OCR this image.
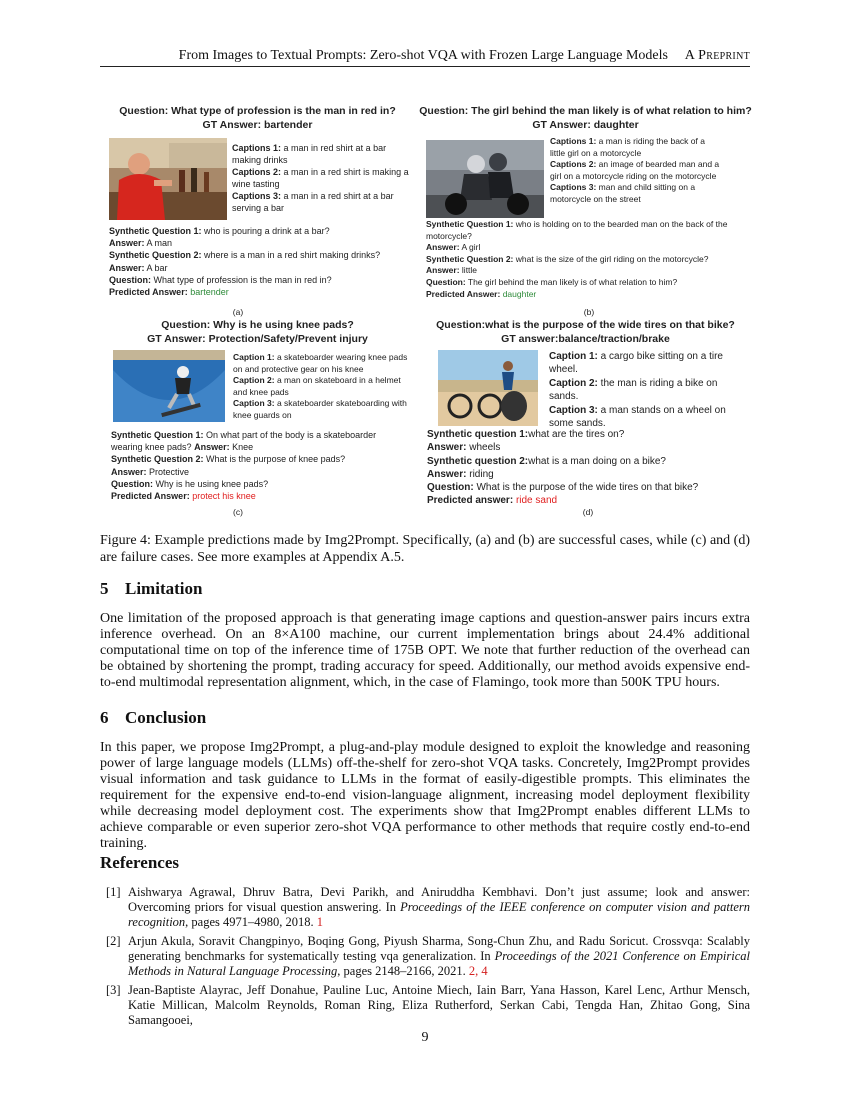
From Images to Textual Prompts: Zero-shot VQA with Frozen Large Language Models A Preprint
Question: What type of profession is the man in red in?
GT Answer: bartender
Captions 1: a man in red shirt at a bar making drinks
Captions 2: a man in a red shirt is making a wine tasting
Captions 3: a man in a red shirt at a bar serving a bar
Synthetic Question 1: who is pouring a drink at a bar?
Answer: A man
Synthetic Question 2: where is a man in a red shirt making drinks? Answer: A bar
Question: What type of profession is the man in red in?
Predicted Answer: bartender
(a)
Question: The girl behind the man likely is of what relation to him?
GT Answer: daughter
Captions 1: a man is riding the back of a little girl on a motorcycle
Captions 2: an image of bearded man and a girl on a motorcycle riding on the motorcycle
Captions 3: man and child sitting on a motorcycle on the street
Synthetic Question 1: who is holding on to the bearded man on the back of the motorcycle?
Answer: A girl
Synthetic Question 2: what is the size of the girl riding on the motorcycle?
Answer: little
Question: The girl behind the man likely is of what relation to him?
Predicted Answer: daughter
(b)
Question: Why is he using knee pads?
GT Answer: Protection/Safety/Prevent injury
Caption 1: a skateboarder wearing knee pads on and protective gear on his knee
Caption 2: a man on skateboard in a helmet and knee pads
Caption 3: a skateboarder skateboarding with knee guards on
Synthetic Question 1: On what part of the body is a skateboarder wearing knee pads? Answer: Knee
Synthetic Question 2: What is the purpose of knee pads?
Answer: Protective
Question: Why is he using knee pads?
Predicted Answer: protect his knee
(c)
Question:what is the purpose of the wide tires on that bike?
GT answer:balance/traction/brake
Caption 1: a cargo bike sitting on a tire wheel.
Caption 2: the man is riding a bike on sands.
Caption 3: a man stands on a wheel on some sands.
Synthetic question 1:what are the tires on?
Answer: wheels
Synthetic question 2:what is a man doing on a bike?
Answer: riding
Question: What is the purpose of the wide tires on that bike?
Predicted answer: ride sand
(d)
Figure 4: Example predictions made by Img2Prompt. Specifically, (a) and (b) are successful cases, while (c) and (d) are failure cases. See more examples at Appendix A.5.
5 Limitation
One limitation of the proposed approach is that generating image captions and question-answer pairs incurs extra inference overhead. On an 8×A100 machine, our current implementation brings about 24.4% additional computational time on top of the inference time of 175B OPT. We note that further reduction of the overhead can be obtained by shortening the prompt, trading accuracy for speed. Additionally, our method avoids expensive end-to-end multimodal representation alignment, which, in the case of Flamingo, took more than 500K TPU hours.
6 Conclusion
In this paper, we propose Img2Prompt, a plug-and-play module designed to exploit the knowledge and reasoning power of large language models (LLMs) off-the-shelf for zero-shot VQA tasks. Concretely, Img2Prompt provides visual information and task guidance to LLMs in the format of easily-digestible prompts. This eliminates the requirement for the expensive end-to-end vision-language alignment, increasing model deployment flexibility while decreasing model deployment cost. The experiments show that Img2Prompt enables different LLMs to achieve comparable or even superior zero-shot VQA performance to other methods that require costly end-to-end training.
References
[1] Aishwarya Agrawal, Dhruv Batra, Devi Parikh, and Aniruddha Kembhavi. Don’t just assume; look and answer: Overcoming priors for visual question answering. In Proceedings of the IEEE conference on computer vision and pattern recognition, pages 4971–4980, 2018. 1
[2] Arjun Akula, Soravit Changpinyo, Boqing Gong, Piyush Sharma, Song-Chun Zhu, and Radu Soricut. Crossvqa: Scalably generating benchmarks for systematically testing vqa generalization. In Proceedings of the 2021 Conference on Empirical Methods in Natural Language Processing, pages 2148–2166, 2021. 2, 4
[3] Jean-Baptiste Alayrac, Jeff Donahue, Pauline Luc, Antoine Miech, Iain Barr, Yana Hasson, Karel Lenc, Arthur Mensch, Katie Millican, Malcolm Reynolds, Roman Ring, Eliza Rutherford, Serkan Cabi, Tengda Han, Zhitao Gong, Sina Samangooei,
9
